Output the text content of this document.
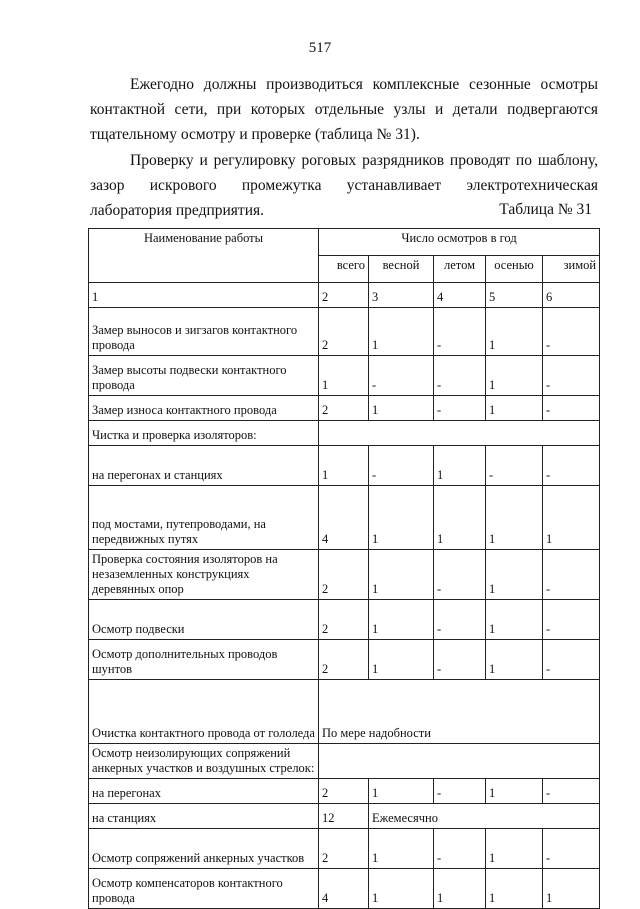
517

Ежегодно должны производиться комплексные сезонные осмотры контактной сети, при которых отдельные узлы и детали подвергаются тщательному осмотру и проверке (таблица № 31).

Проверку и регулировку роговых разрядников проводят по шаблону, зазор искрового промежутка устанавливает электротехническая лаборатория предприятия.	Таблица № 31
Наименование работы	Число осмотров в год				
	всего	весной	летом	осенью	зимой
1	2	3	4	5	6
Замер выносов и зигзагов контактного провода	2	1	-	1	-
Замер высоты подвески контактного провода	1	-	-	1	-
Замер износа контактного провода	2	1	-	1	-
Чистка и проверка изоляторов:					
на перегонах и станциях	1	-	1	-	-
под мостами, путепроводами, на передвижных путях	4	1	1	1	1
Проверка состояния изоляторов на незаземленных конструкциях деревянных опор	2	1	-	1	-
Осмотр подвески	2	1	-	1	-
Осмотр дополнительных проводов шунтов	2	1	-	1	-
Очистка контактного провода от гололеда	По мере надобности				
Осмотр неизолирующих сопряжений анкерных участков и воздушных стрелок:					
на перегонах	2	1	-	1	-
на станциях	12	Ежемесячно			
Осмотр сопряжений анкерных участков	2	1	-	1	-
Осмотр компенсаторов контактного провода	4	1	1	1	1
